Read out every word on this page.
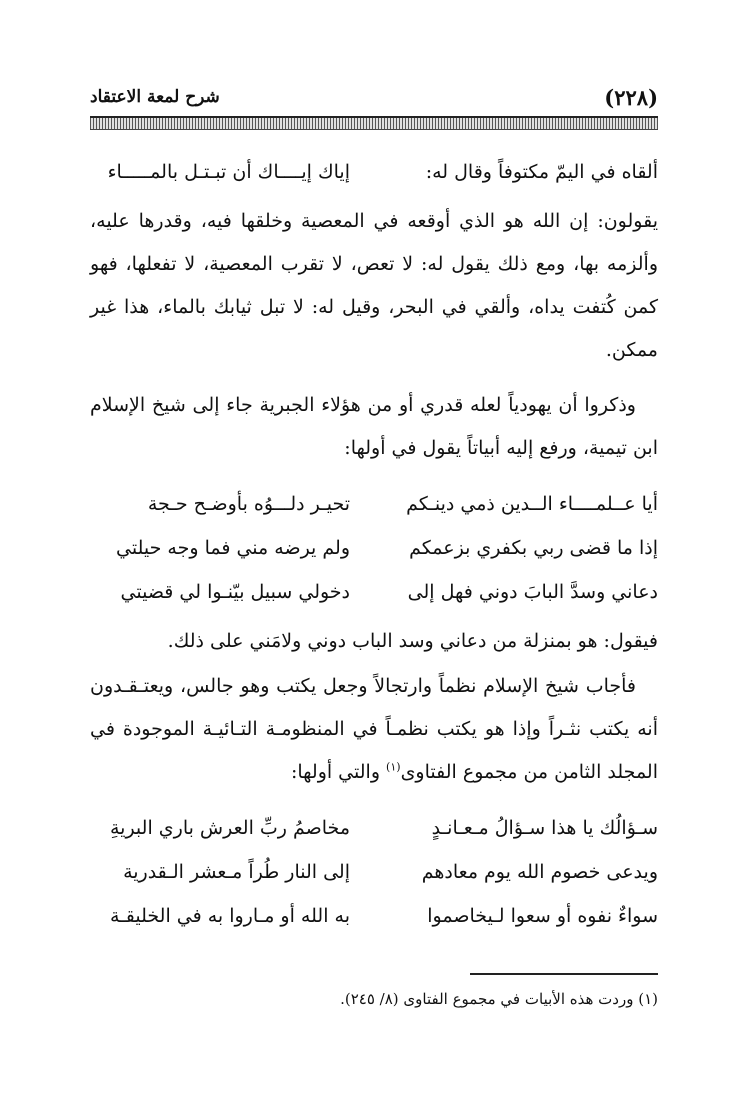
(٢٢٨)
شرح لمعة الاعتقاد
ألقاه في اليمّ مكتوفاً وقال له:
إياك إيــــاك أن تبـتـل بالمـــــاء

يقولون: إن الله هو الذي أوقعه في المعصية وخلقها فيه، وقدرها عليه، وألزمه بها، ومع ذلك يقول له: لا تعص، لا تقرب المعصية، لا تفعلها، فهو كمن كُتفت يداه، وألقي في البحر، وقيل له: لا تبل ثيابك بالماء، هذا غير ممكن.

وذكروا أن يهودياً لعله قدري أو من هؤلاء الجبرية جاء إلى شيخ الإسلام ابن تيمية، ورفع إليه أبياتاً يقول في أولها:

أيا عــلمــــاء الــدين ذمي دينـكم
تحيـر دلـــوُه بأوضـح حـجة
إذا ما قضى ربي بكفري بزعمكم
ولم يرضه مني فما وجه حيلتي
دعاني وسدَّ البابَ دوني فهل إلى
دخولي سبيل بيّنـوا لي قضيتي

فيقول: هو بمنزلة من دعاني وسد الباب دوني ولامَني على ذلك.

فأجاب شيخ الإسلام نظماً وارتجالاً وجعل يكتب وهو جالس، ويعتـقـدون أنه يكتب نثـراً وإذا هو يكتب نظمـاً في المنظومـة التـائيـة الموجودة في المجلد الثامن من مجموع الفتاوى$^{(١)}$ والتي أولها:

سـؤالُك يا هذا سـؤالُ مـعـانـدٍ
مخاصمُ ربِّ العرش باري البريةِ
ويدعى خصوم الله يوم معادهم
إلى النار طُراً مـعشر الـقدرية
سواءٌ نفوه أو سعوا لـيخاصموا
به الله أو مـاروا به في الخليقـة
(١) وردت هذه الأبيات في مجموع الفتاوى (٨/ ٢٤٥).
